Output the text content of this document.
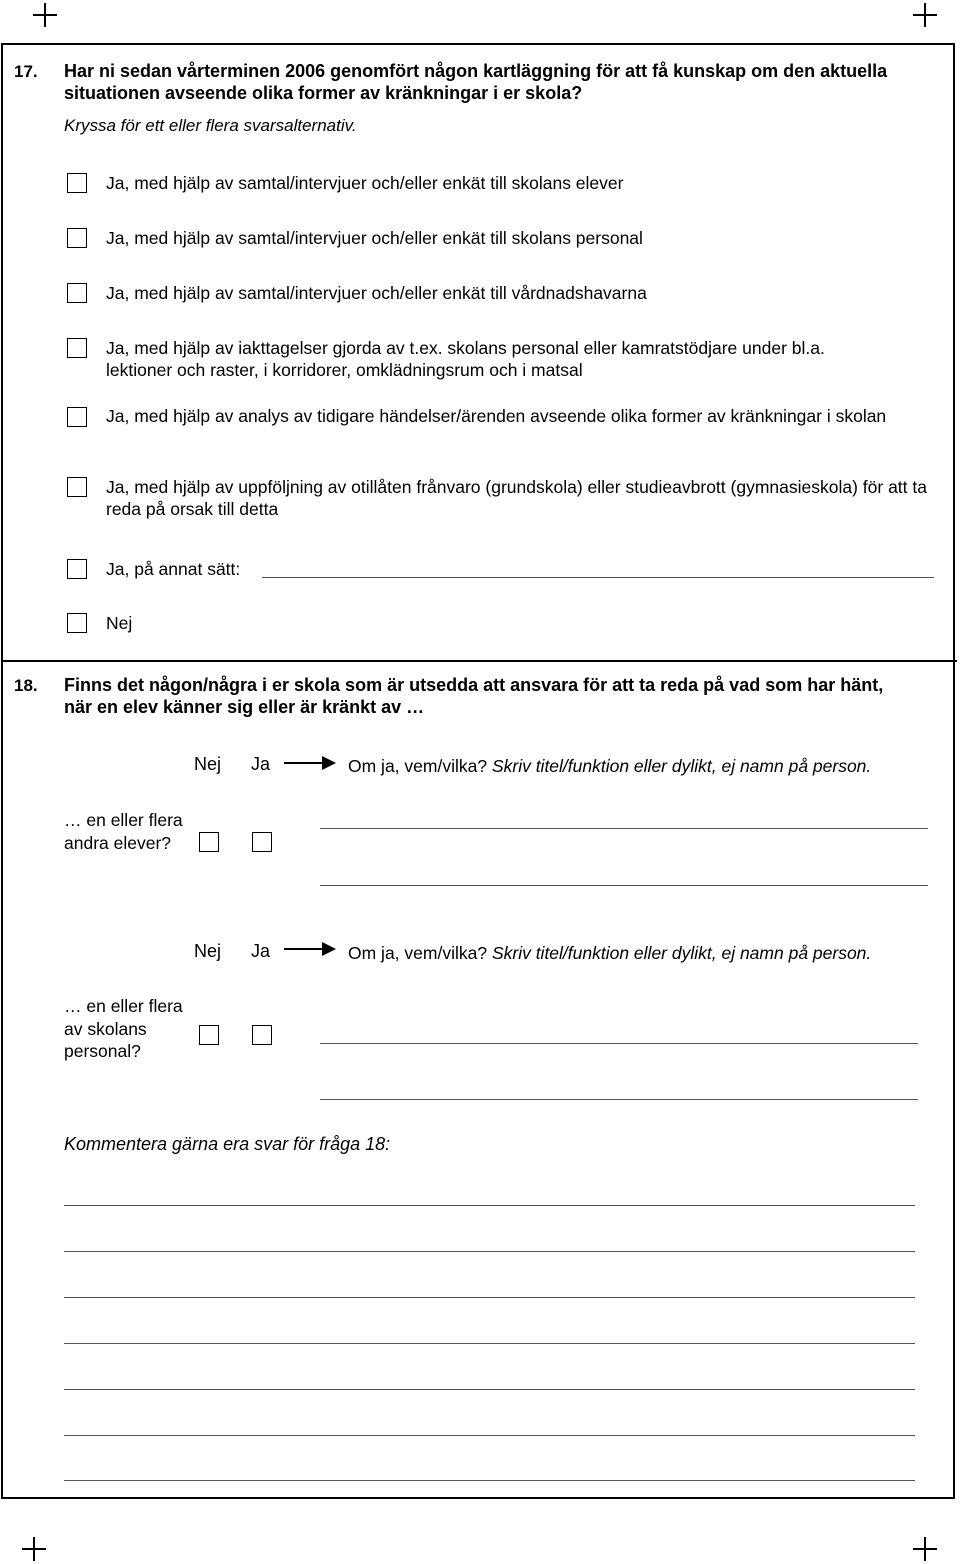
17. Har ni sedan vårterminen 2006 genomfört någon kartläggning för att få kunskap om den aktuella situationen avseende olika former av kränkningar i er skola?
Kryssa för ett eller flera svarsalternativ.
Ja, med hjälp av samtal/intervjuer och/eller enkät till skolans elever
Ja, med hjälp av samtal/intervjuer och/eller enkät till skolans personal
Ja, med hjälp av samtal/intervjuer och/eller enkät till vårdnadshavarna
Ja, med hjälp av iakttagelser gjorda av t.ex. skolans personal eller kamratstödjare under bl.a. lektioner och raster, i korridorer, omklädningsrum och i matsal
Ja, med hjälp av analys av tidigare händelser/ärenden avseende olika former av kränkningar i skolan
Ja, med hjälp av uppföljning av otillåten frånvaro (grundskola) eller studieavbrott (gymnasieskola) för att ta reda på orsak till detta
Ja, på annat sätt:
Nej
18. Finns det någon/några i er skola som är utsedda att ansvara för att ta reda på vad som har hänt, när en elev känner sig eller är kränkt av …
Nej Ja	Om ja, vem/vilka? Skriv titel/funktion eller dylikt, ej namn på person.
… en eller flera andra elever?
Nej Ja	Om ja, vem/vilka? Skriv titel/funktion eller dylikt, ej namn på person.
… en eller flera av skolans personal?
Kommentera gärna era svar för fråga 18:
